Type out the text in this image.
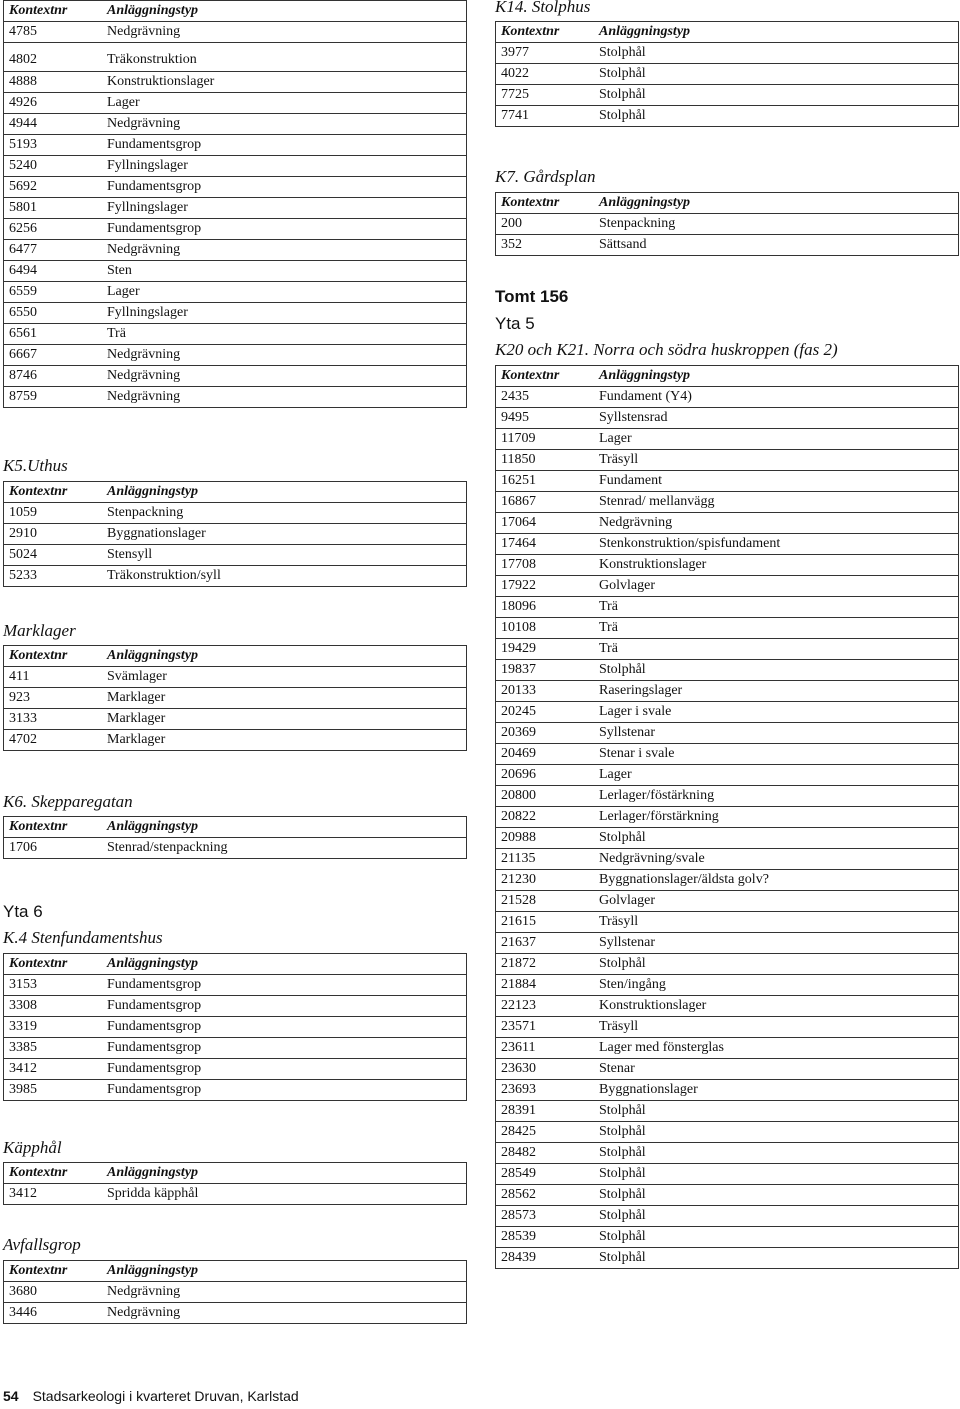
Kontextnr	Anläggningstyp
4785	Nedgrävning
4802	Träkonstruktion
4888	Konstruktionslager
4926	Lager
4944	Nedgrävning
5193	Fundamentsgrop
5240	Fyllningslager
5692	Fundamentsgrop
5801	Fyllningslager
6256	Fundamentsgrop
6477	Nedgrävning
6494	Sten
6559	Lager
6550	Fyllningslager
6561	Trä
6667	Nedgrävning
8746	Nedgrävning
8759	Nedgrävning
K5.Uthus
Kontextnr	Anläggningstyp
1059	Stenpackning
2910	Byggnationslager
5024	Stensyll
5233	Träkonstruktion/syll
Marklager
Kontextnr	Anläggningstyp
411	Svämlager
923	Marklager
3133	Marklager
4702	Marklager
K6. Skepparegatan
Kontextnr	Anläggningstyp
1706	Stenrad/stenpackning
Yta 6
K.4 Stenfundamentshus
Kontextnr	Anläggningstyp
3153	Fundamentsgrop
3308	Fundamentsgrop
3319	Fundamentsgrop
3385	Fundamentsgrop
3412	Fundamentsgrop
3985	Fundamentsgrop
Käpphål
Kontextnr	Anläggningstyp
3412	Spridda käpphål
Avfallsgrop
Kontextnr	Anläggningstyp
3680	Nedgrävning
3446	Nedgrävning
K14. Stolphus
Kontextnr	Anläggningstyp
3977	Stolphål
4022	Stolphål
7725	Stolphål
7741	Stolphål
K7. Gårdsplan
Kontextnr	Anläggningstyp
200	Stenpackning
352	Sättsand
Tomt 156
Yta 5
K20 och K21. Norra och södra huskroppen (fas 2)
Kontextnr	Anläggningstyp
2435	Fundament (Y4)
9495	Syllstensrad
11709	Lager
11850	Träsyll
16251	Fundament
16867	Stenrad/ mellanvägg
17064	Nedgrävning
17464	Stenkonstruktion/spisfundament
17708	Konstruktionslager
17922	Golvlager
18096	Trä
10108	Trä
19429	Trä
19837	Stolphål
20133	Raseringslager
20245	Lager i svale
20369	Syllstenar
20469	Stenar i svale
20696	Lager
20800	Lerlager/föstärkning
20822	Lerlager/förstärkning
20988	Stolphål
21135	Nedgrävning/svale
21230	Byggnationslager/äldsta golv?
21528	Golvlager
21615	Träsyll
21637	Syllstenar
21872	Stolphål
21884	Sten/ingång
22123	Konstruktionslager
23571	Träsyll
23611	Lager med fönsterglas
23630	Stenar
23693	Byggnationslager
28391	Stolphål
28425	Stolphål
28482	Stolphål
28549	Stolphål
28562	Stolphål
28573	Stolphål
28539	Stolphål
28439	Stolphål
54 Stadsarkeologi i kvarteret Druvan, Karlstad
